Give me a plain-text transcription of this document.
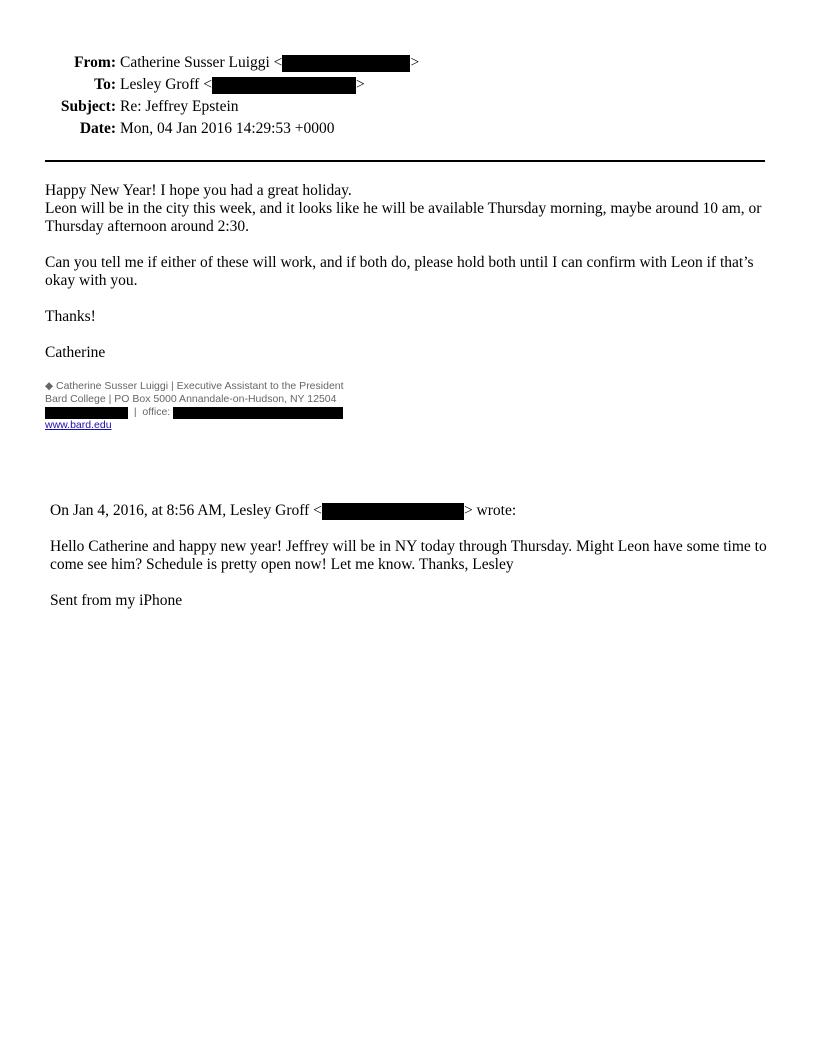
From: Catherine Susser Luiggi <	>
To: Lesley Groff <	>
Subject: Re: Jeffrey Epstein
Date: Mon, 04 Jan 2016 14:29:53 +0000

Happy New Year! I hope you had a great holiday.

Leon will be in the city this week, and it looks like he will be available Thursday morning, maybe around 10 am, or Thursday afternoon around 2:30.

Can you tell me if either of these will work, and if both do, please hold both until I can confirm with Leon if that’s okay with you.

Thanks!

Catherine

◆ Catherine Susser Luiggi | Executive Assistant to the President
Bard College | PO Box 5000 Annandale-on-Hudson, NY 12504
|  office:
www.bard.edu
On Jan 4, 2016, at 8:56 AM, Lesley Groff <	> wrote:

Hello Catherine and happy new year! Jeffrey will be in NY today through Thursday. Might Leon have some time to come see him? Schedule is pretty open now! Let me know. Thanks, Lesley

Sent from my iPhone
